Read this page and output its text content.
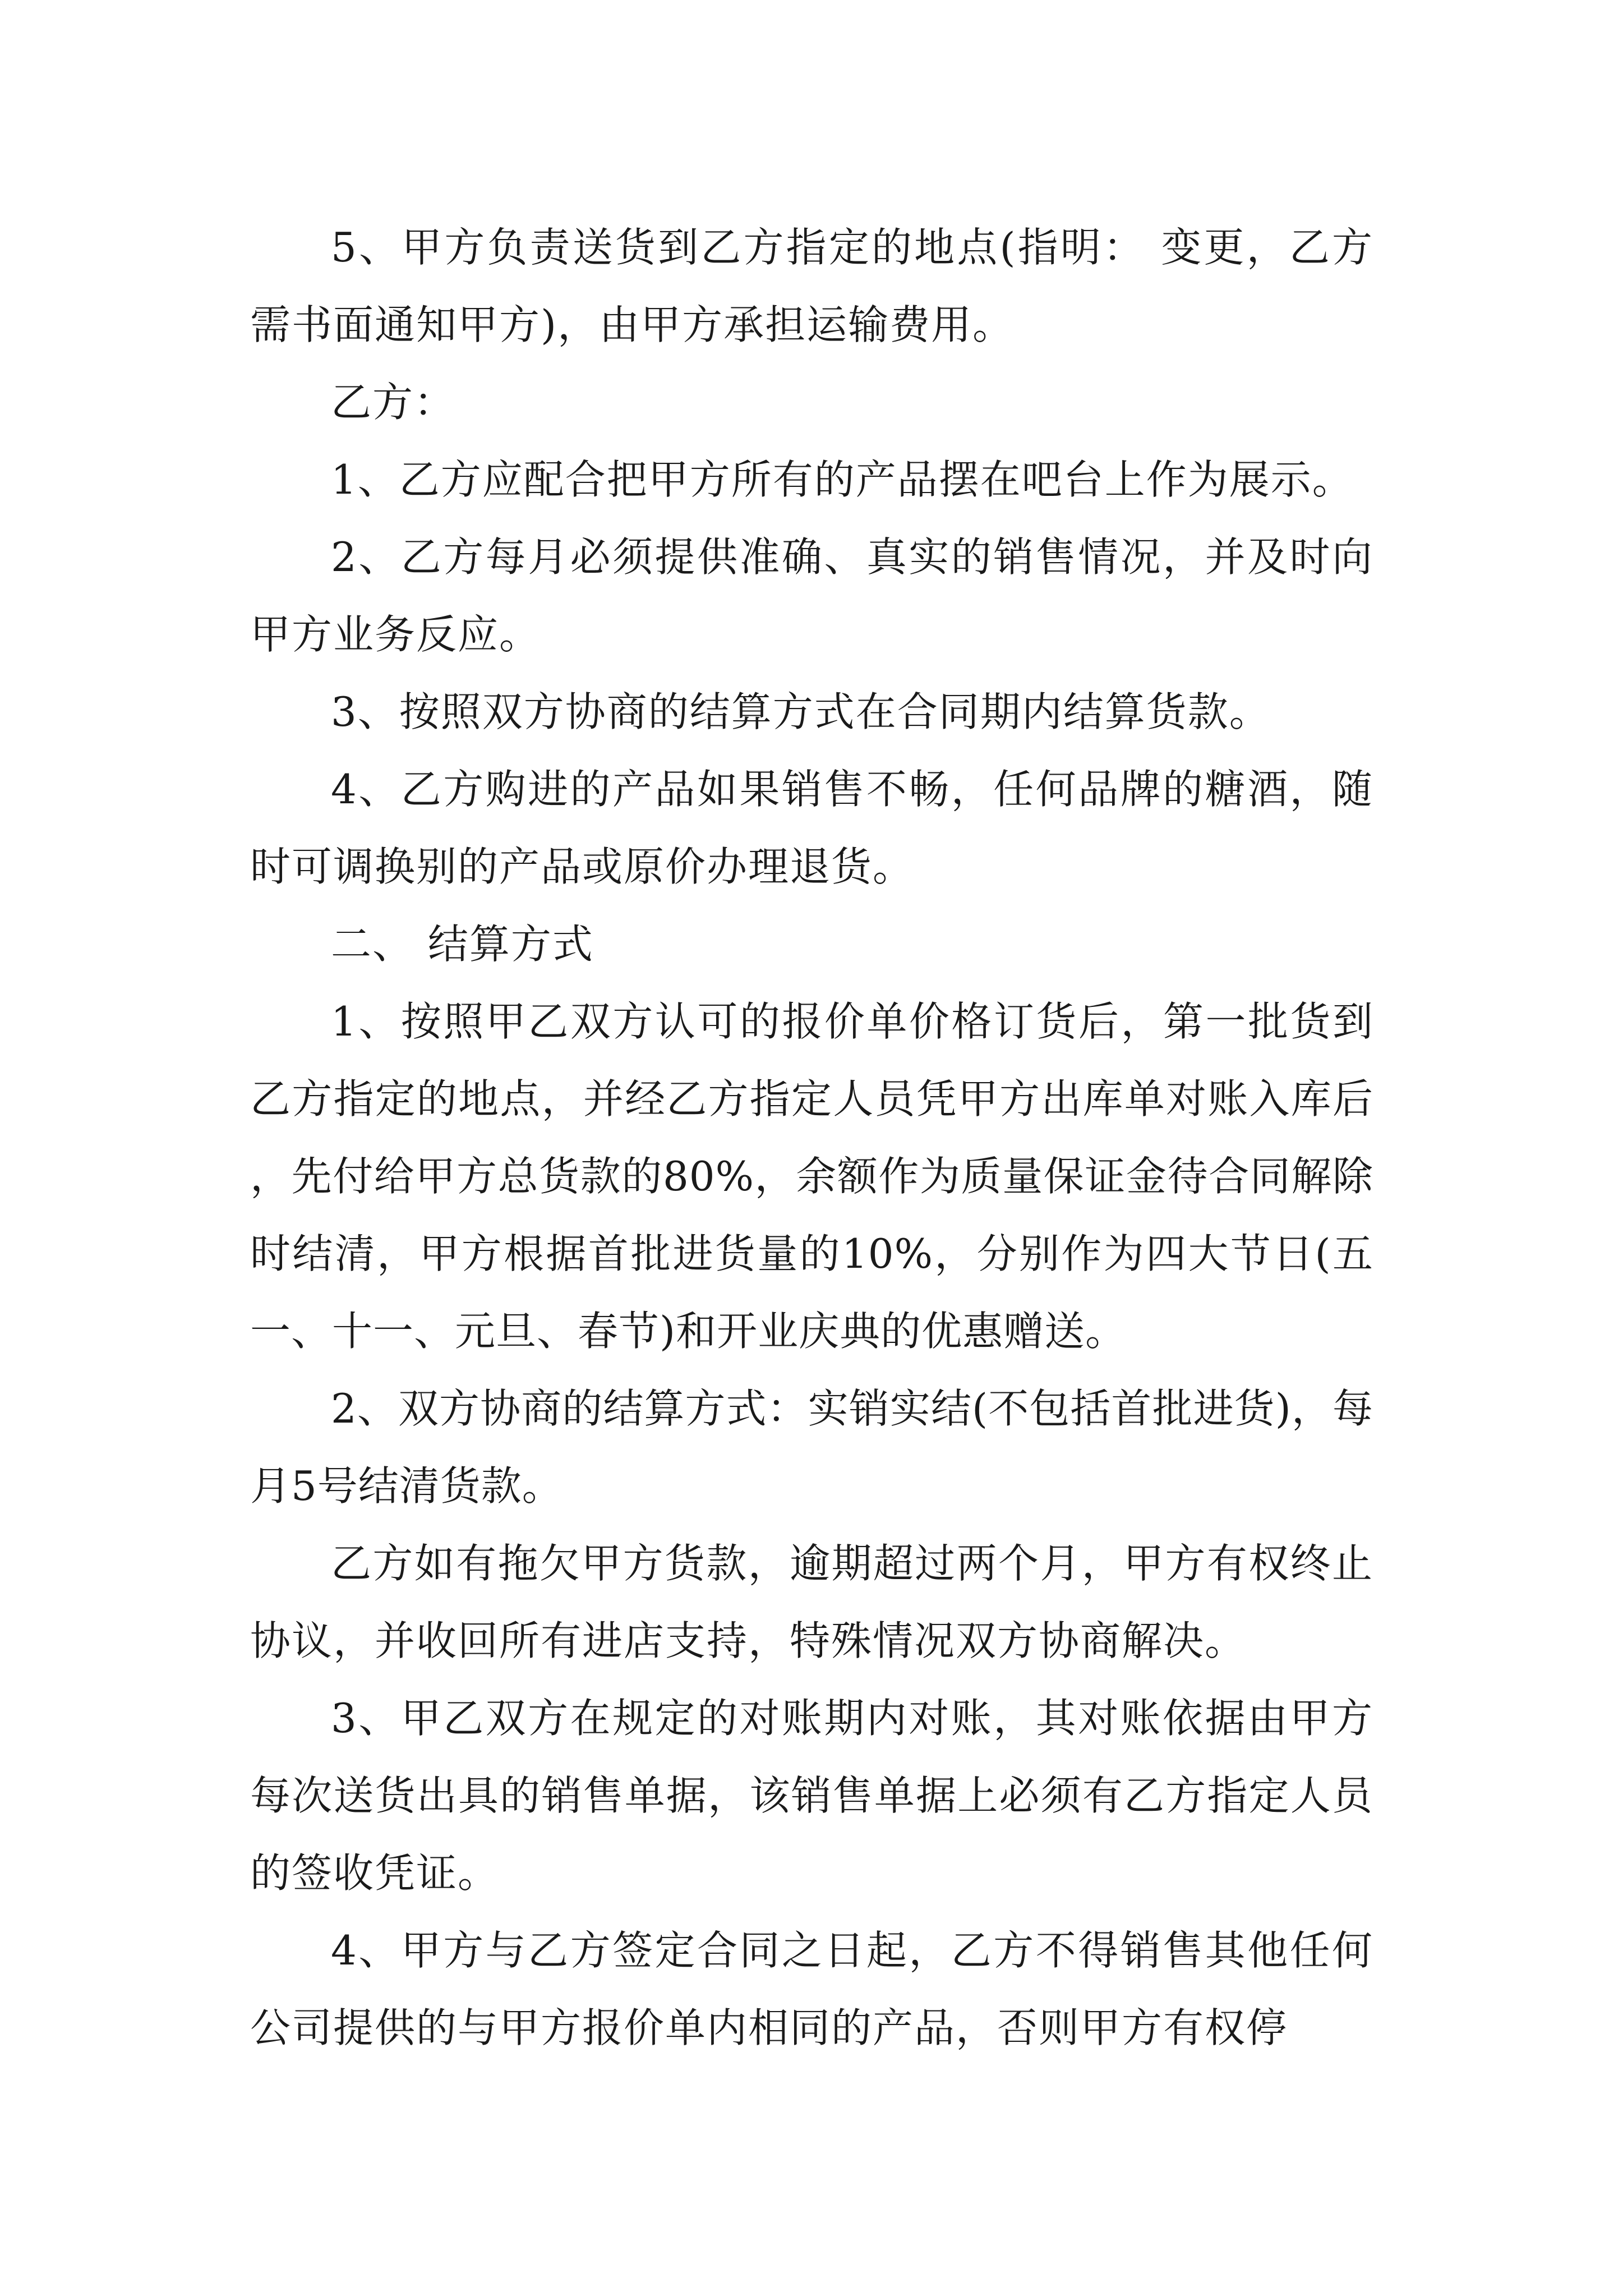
5、甲方负责送货到乙方指定的地点(指明： 变更，乙方需书面通知甲方)，由甲方承担运输费用。

乙方：

1、乙方应配合把甲方所有的产品摆在吧台上作为展示。

2、乙方每月必须提供准确、真实的销售情况，并及时向甲方业务反应。

3、按照双方协商的结算方式在合同期内结算货款。

4、乙方购进的产品如果销售不畅，任何品牌的糖酒，随时可调换别的产品或原价办理退货。

二、 结算方式

1、按照甲乙双方认可的报价单价格订货后，第一批货到乙方指定的地点，并经乙方指定人员凭甲方出库单对账入库后，先付给甲方总货款的80%，余额作为质量保证金待合同解除时结清，甲方根据首批进货量的10%，分别作为四大节日(五一、十一、元旦、春节)和开业庆典的优惠赠送。

2、双方协商的结算方式：实销实结(不包括首批进货)，每月5号结清货款。

乙方如有拖欠甲方货款，逾期超过两个月，甲方有权终止协议，并收回所有进店支持，特殊情况双方协商解决。

3、甲乙双方在规定的对账期内对账，其对账依据由甲方每次送货出具的销售单据，该销售单据上必须有乙方指定人员的签收凭证。

4、甲方与乙方签定合同之日起，乙方不得销售其他任何公司提供的与甲方报价单内相同的产品，否则甲方有权停
